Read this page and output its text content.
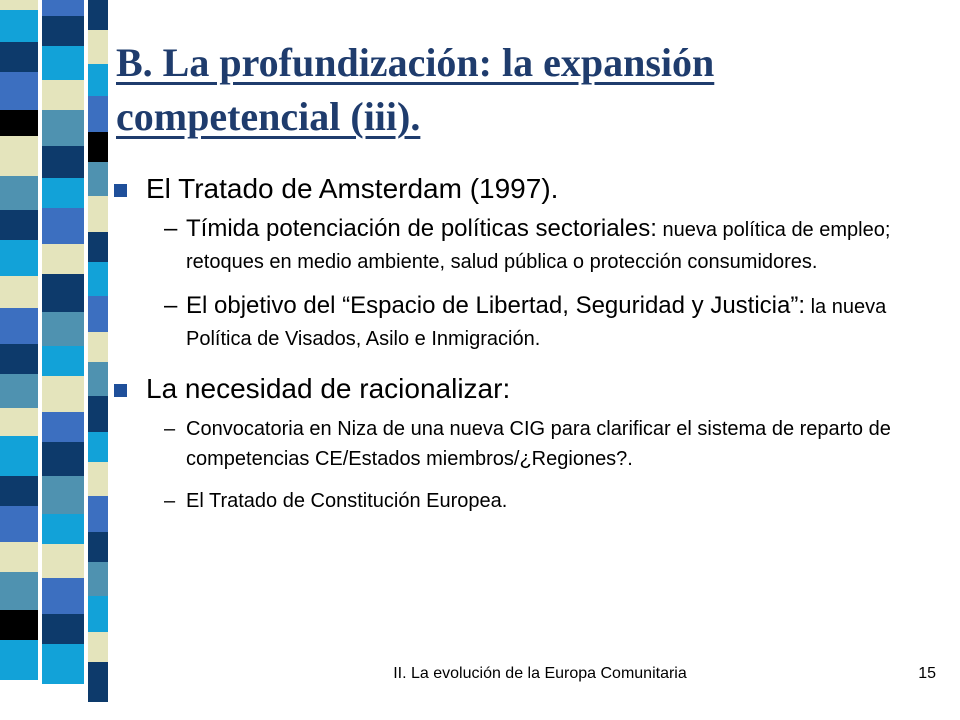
B. La profundización: la expansión competencial (iii).
El Tratado de Amsterdam (1997).
– Tímida potenciación de políticas sectoriales: nueva política de empleo; retoques en medio ambiente, salud pública o protección consumidores.
– El objetivo del “Espacio de Libertad, Seguridad y Justicia”: la nueva Política de Visados, Asilo e Inmigración.
La necesidad de racionalizar:
– Convocatoria en Niza de una nueva CIG para clarificar el sistema de reparto de competencias CE/Estados miembros/¿Regiones?.
– El Tratado de Constitución Europea.
II. La evolución de la Europa Comunitaria	15
